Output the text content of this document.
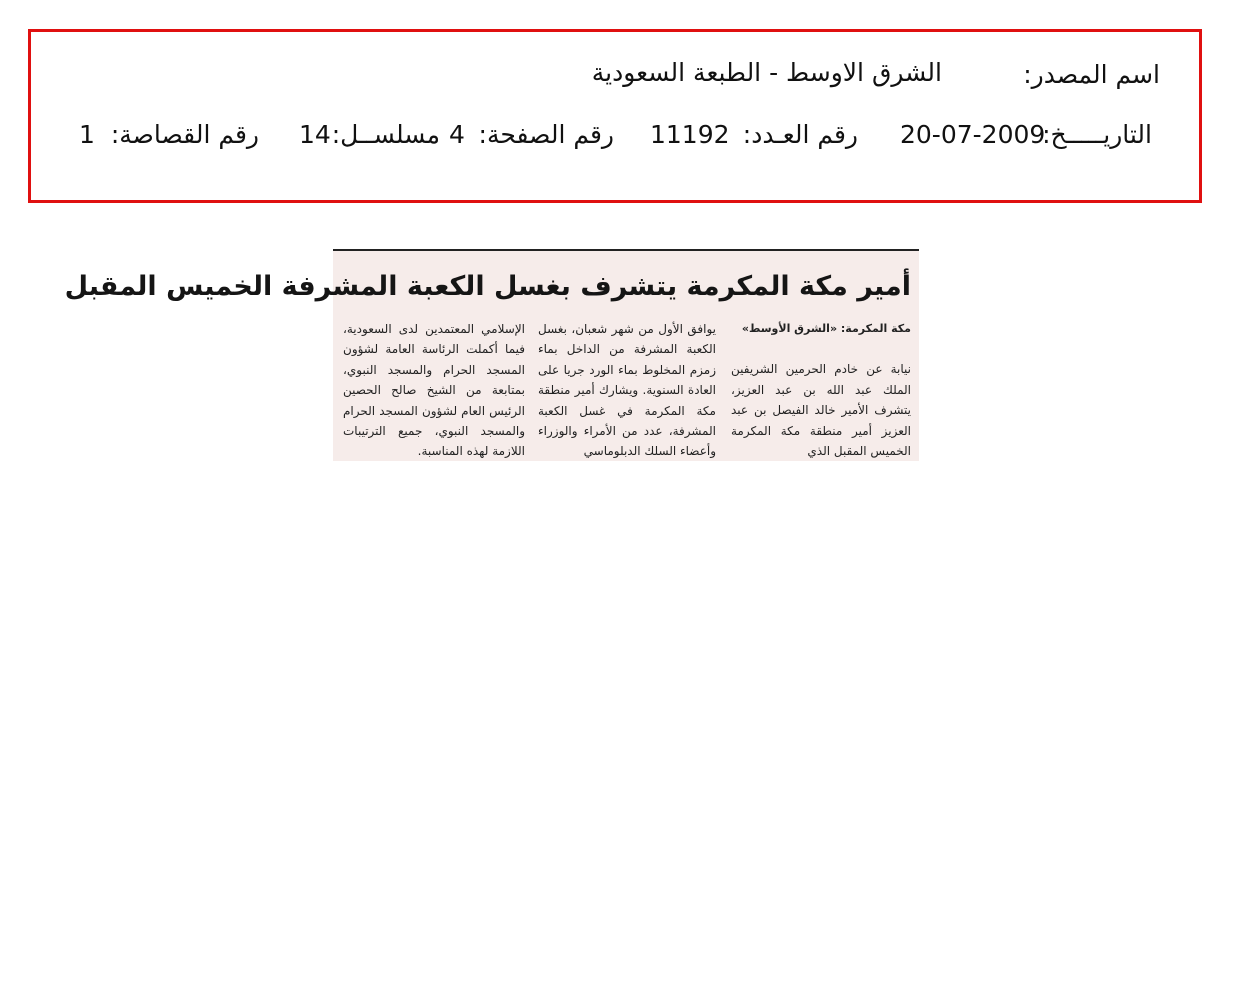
اسم المصدر:
الشرق الاوسط - الطبعة السعودية
التاريـــــخ:
20-07-2009
رقم العـدد:
11192
رقم الصفحة:
4
مسلســل:
14
رقم القصاصة:
1
أمير مكة المكرمة يتشرف بغسل الكعبة المشرفة الخميس المقبل
مكة المكرمة: «الشرق الأوسط»
نيابة عن خادم الحرمين الشريفين الملك عبد الله بن عبد العزيز، يتشرف الأمير خالد الفيصل بن عبد العزيز أمير منطقة مكة المكرمة الخميس المقبل الذي
يوافق الأول من شهر شعبان، بغسل الكعبة المشرفة من الداخل بماء زمزم المخلوط بماء الورد جريا على العادة السنوية. ويشارك أمير منطقة مكة المكرمة في غسل الكعبة المشرفة، عدد من الأمراء والوزراء وأعضاء السلك الدبلوماسي
الإسلامي المعتمدين لدى السعودية، فيما أكملت الرئاسة العامة لشؤون المسجد الحرام والمسجد النبوي، بمتابعة من الشيخ صالح الحصين الرئيس العام لشؤون المسجد الحرام والمسجد النبوي، جميع الترتيبات اللازمة لهذه المناسبة.
